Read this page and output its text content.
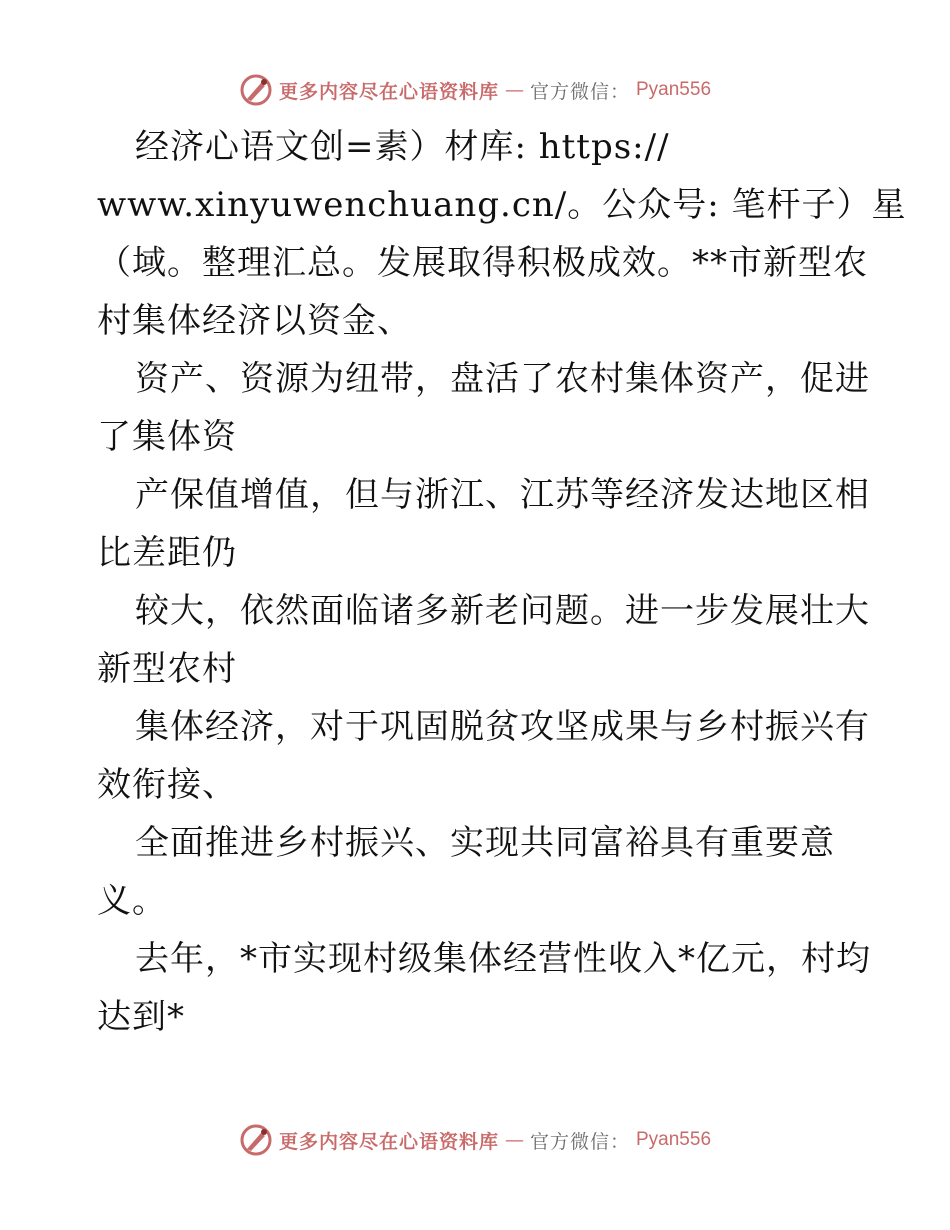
更多内容尽在心语资料库 — 官方微信： Pyan556
经济心语文创=素）材库: https://
www.xinyuwenchuang.cn/。公众号: 笔杆子）星
（域。整理汇总。发展取得积极成效。**市新型农
村集体经济以资金、
资产、资源为纽带，盘活了农村集体资产，促进
了集体资
产保值增值，但与浙江、江苏等经济发达地区相
比差距仍
较大，依然面临诸多新老问题。进一步发展壮大
新型农村
集体经济，对于巩固脱贫攻坚成果与乡村振兴有
效衔接、
全面推进乡村振兴、实现共同富裕具有重要意
义。
去年，*市实现村级集体经营性收入*亿元，村均
达到*
更多内容尽在心语资料库 — 官方微信： Pyan556
